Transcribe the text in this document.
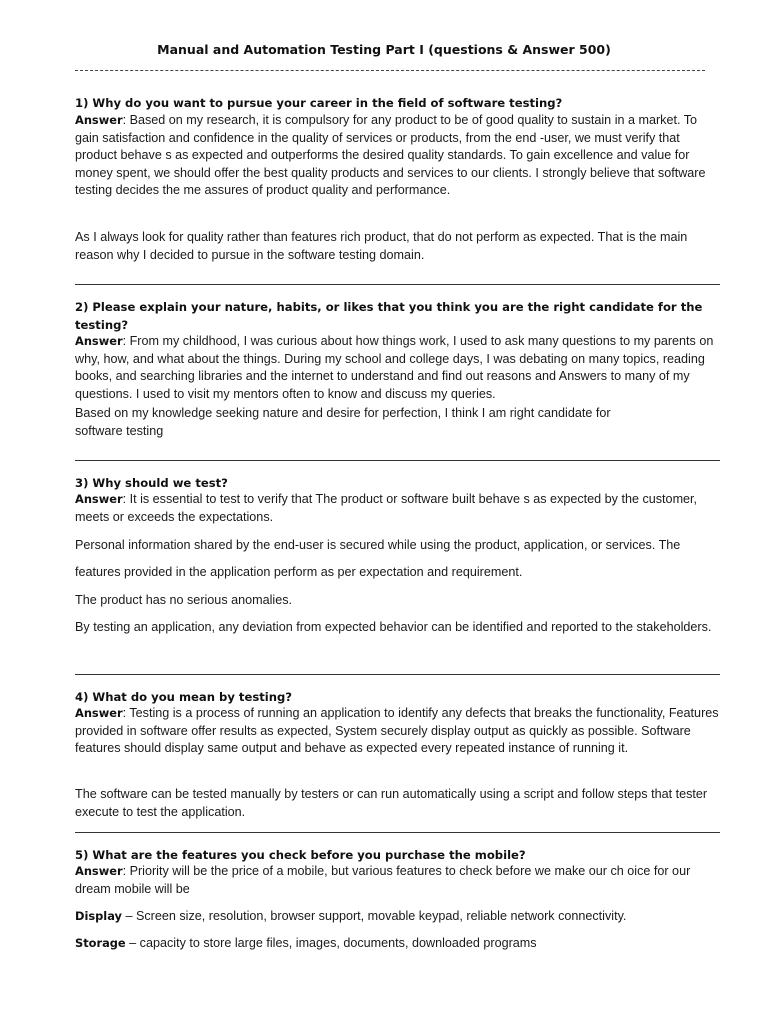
Manual and Automation Testing Part I (questions & Answer 500)
1) Why do you want to pursue your career in the field of software testing?

Answer: Based on my research, it is compulsory for any product to be of good quality to sustain in a market. To gain satisfaction and confidence in the quality of services or products, from the end -user, we must verify that product behave s as expected and outperforms the desired quality standards. To gain excellence and value for money spent, we should offer the best quality products and services to our clients. I strongly believe that software testing decides the me assures of product quality and performance.

As I always look for quality rather than features rich product, that do not perform as expected. That is the main reason why I decided to pursue in the software testing domain.

2) Please explain your nature, habits, or likes that you think you are the right candidate for the testing?

Answer: From my childhood, I was curious about how things work, I used to ask many questions to my parents on why, how, and what about the things. During my school and college days, I was debating on many topics, reading books, and searching libraries and the internet to understand and find out reasons and Answers to many of my questions. I used to visit my mentors often to know and discuss my queries.

Based on my knowledge seeking nature and desire for perfection, I think I am right candidate for software testing

3) Why should we test?

Answer: It is essential to test to verify that The product or software built behave s as expected by the customer, meets or exceeds the expectations.

Personal information shared by the end-user is secured while using the product, application, or services. The

features provided in the application perform as per expectation and requirement.

The product has no serious anomalies.

By testing an application, any deviation from expected behavior can be identified and reported to the stakeholders.

4) What do you mean by testing?

Answer: Testing is a process of running an application to identify any defects that breaks the functionality, Features provided in software offer results as expected, System securely display output as quickly as possible. Software features should display same output and behave as expected every repeated instance of running it.

The software can be tested manually by testers or can run automatically using a script and follow steps that tester execute to test the application.

5) What are the features you check before you purchase the mobile?

Answer: Priority will be the price of a mobile, but various features to check before we make our ch oice for our dream mobile will be

Display – Screen size, resolution, browser support, movable keypad, reliable network connectivity.

Storage – capacity to store large files, images, documents, downloaded programs
